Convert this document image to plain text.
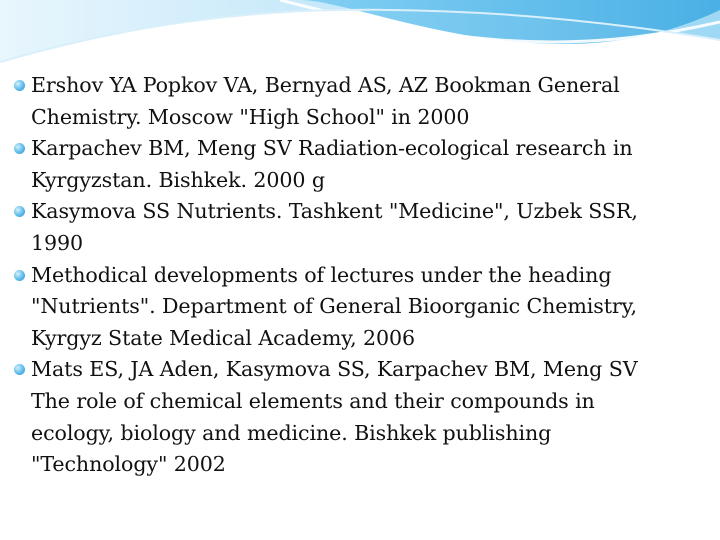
Ershov YA Popkov VA, Bernyad AS, AZ Bookman General
Chemistry. Moscow "High School" in 2000
Karpachev BM, Meng SV Radiation-ecological research in
Kyrgyzstan. Bishkek. 2000 g
Kasymova SS Nutrients. Tashkent "Medicine", Uzbek SSR,
1990
Methodical developments of lectures under the heading
"Nutrients". Department of General Bioorganic Chemistry,
Kyrgyz State Medical Academy, 2006
Mats ES, JA Aden, Kasymova SS, Karpachev BM, Meng SV
The role of chemical elements and their compounds in
ecology, biology and medicine. Bishkek publishing
"Technology" 2002
